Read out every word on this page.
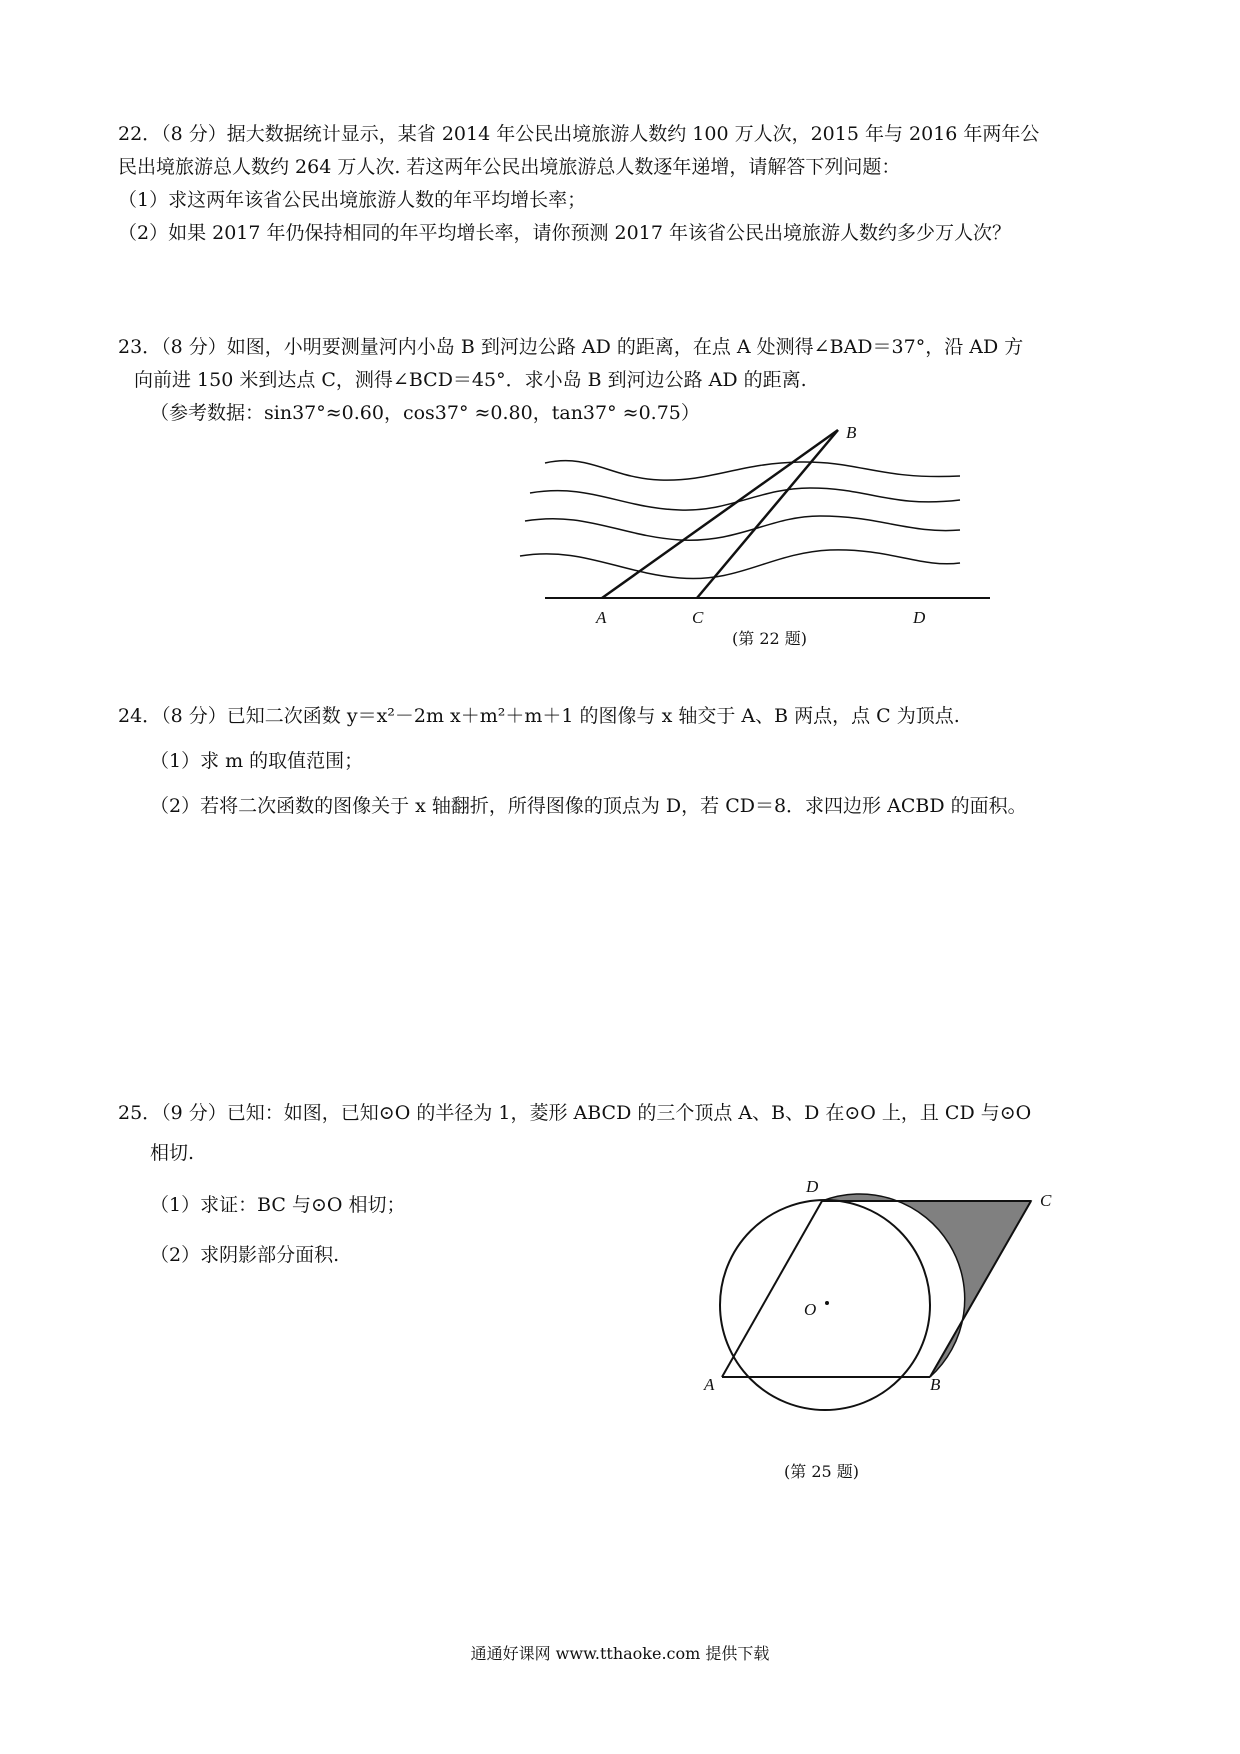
22．（8 分）据大数据统计显示，某省 2014 年公民出境旅游人数约 100 万人次，2015 年与 2016 年两年公
民出境旅游总人数约 264 万人次. 若这两年公民出境旅游总人数逐年递增，请解答下列问题：
（1）求这两年该省公民出境旅游人数的年平均增长率；
（2）如果 2017 年仍保持相同的年平均增长率，请你预测 2017 年该省公民出境旅游人数约多少万人次？
23．（8 分）如图，小明要测量河内小岛 B 到河边公路 AD 的距离，在点 A 处测得∠BAD＝37°，沿 AD 方
向前进 150 米到达点 C，测得∠BCD＝45°．求小岛 B 到河边公路 AD 的距离.
（参考数据：sin37°≈0.60，cos37° ≈0.80，tan37° ≈0.75）
B
A	C	D
(第 22 题)
24．（8 分）已知二次函数 y＝x²－2m x＋m²＋m＋1 的图像与 x 轴交于 A、B 两点，点 C 为顶点.
（1）求 m 的取值范围；
（2）若将二次函数的图像关于 x 轴翻折，所得图像的顶点为 D，若 CD＝8．求四边形 ACBD 的面积。
25．（9 分）已知：如图，已知⊙O 的半径为 1，菱形 ABCD 的三个顶点 A、B、D 在⊙O 上，且 CD 与⊙O
相切.
（1）求证：BC 与⊙O 相切；
（2）求阴影部分面积.
D
C
O
A	B
(第 25 题)
通通好课网 www.tthaoke.com 提供下载
